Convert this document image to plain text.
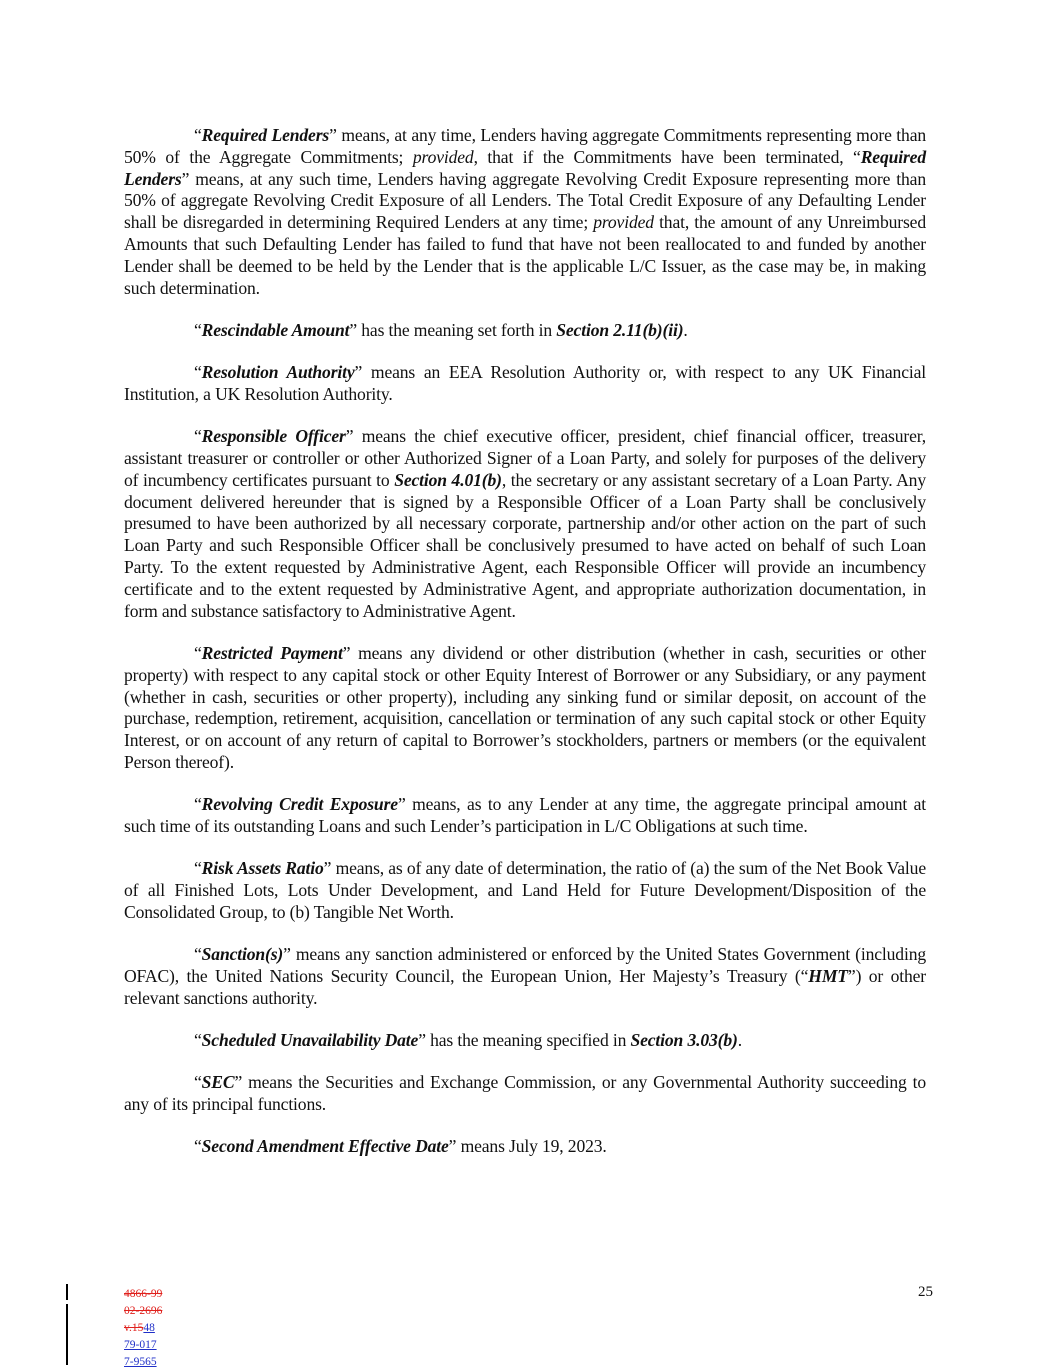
“Required Lenders” means, at any time, Lenders having aggregate Commitments representing more than 50% of the Aggregate Commitments; provided, that if the Commitments have been terminated, “Required Lenders” means, at any such time, Lenders having aggregate Revolving Credit Exposure representing more than 50% of aggregate Revolving Credit Exposure of all Lenders. The Total Credit Exposure of any Defaulting Lender shall be disregarded in determining Required Lenders at any time; provided that, the amount of any Unreimbursed Amounts that such Defaulting Lender has failed to fund that have not been reallocated to and funded by another Lender shall be deemed to be held by the Lender that is the applicable L/C Issuer, as the case may be, in making such determination.

“Rescindable Amount” has the meaning set forth in Section 2.11(b)(ii).

“Resolution Authority” means an EEA Resolution Authority or, with respect to any UK Financial Institution, a UK Resolution Authority.

“Responsible Officer” means the chief executive officer, president, chief financial officer, treasurer, assistant treasurer or controller or other Authorized Signer of a Loan Party, and solely for purposes of the delivery of incumbency certificates pursuant to Section 4.01(b), the secretary or any assistant secretary of a Loan Party. Any document delivered hereunder that is signed by a Responsible Officer of a Loan Party shall be conclusively presumed to have been authorized by all necessary corporate, partnership and/or other action on the part of such Loan Party and such Responsible Officer shall be conclusively presumed to have acted on behalf of such Loan Party. To the extent requested by Administrative Agent, each Responsible Officer will provide an incumbency certificate and to the extent requested by Administrative Agent, and appropriate authorization documentation, in form and substance satisfactory to Administrative Agent.

“Restricted Payment” means any dividend or other distribution (whether in cash, securities or other property) with respect to any capital stock or other Equity Interest of Borrower or any Subsidiary, or any payment (whether in cash, securities or other property), including any sinking fund or similar deposit, on account of the purchase, redemption, retirement, acquisition, cancellation or termination of any such capital stock or other Equity Interest, or on account of any return of capital to Borrower’s stockholders, partners or members (or the equivalent Person thereof).

“Revolving Credit Exposure” means, as to any Lender at any time, the aggregate principal amount at such time of its outstanding Loans and such Lender’s participation in L/C Obligations at such time.

“Risk Assets Ratio” means, as of any date of determination, the ratio of (a) the sum of the Net Book Value of all Finished Lots, Lots Under Development, and Land Held for Future Development/Disposition of the Consolidated Group, to (b) Tangible Net Worth.

“Sanction(s)” means any sanction administered or enforced by the United States Government (including OFAC), the United Nations Security Council, the European Union, Her Majesty’s Treasury (“HMT”) or other relevant sanctions authority.

“Scheduled Unavailability Date” has the meaning specified in Section 3.03(b).

“SEC” means the Securities and Exchange Commission, or any Governmental Authority succeeding to any of its principal functions.

“Second Amendment Effective Date” means July 19, 2023.

4866-99
02-2696
v.1548
79-017
7-9565
25
